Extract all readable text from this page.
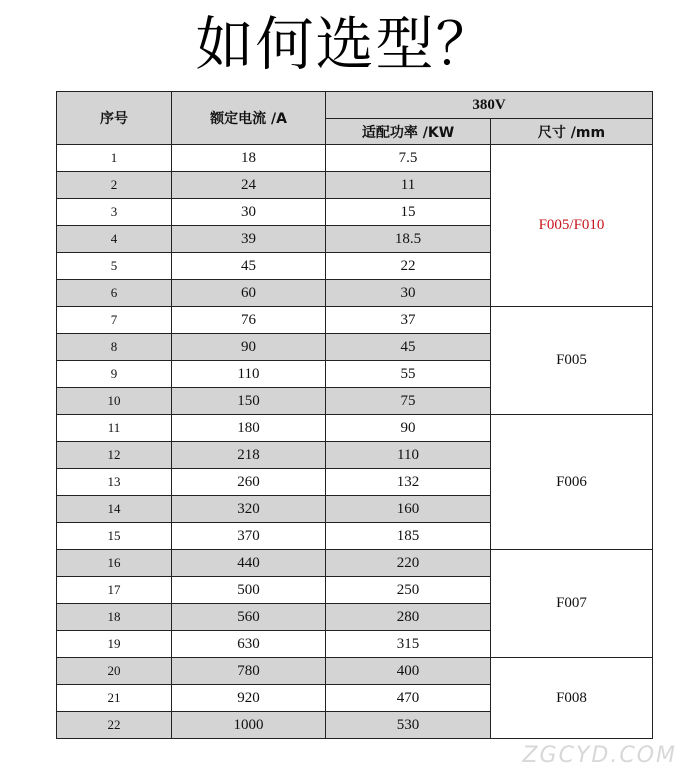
如何选型？
序号	额定电流 /A	380V	
		适配功率 /KW	尺寸 /mm
1	18	7.5	F005/F010
2	24	11	
3	30	15	
4	39	18.5	
5	45	22	
6	60	30	
7	76	37	F005
8	90	45	
9	110	55	
10	150	75	
11	180	90	F006
12	218	110	
13	260	132	
14	320	160	
15	370	185	
16	440	220	F007
17	500	250	
18	560	280	
19	630	315	
20	780	400	F008
21	920	470	
22	1000	530	
ZGCYD.COM
